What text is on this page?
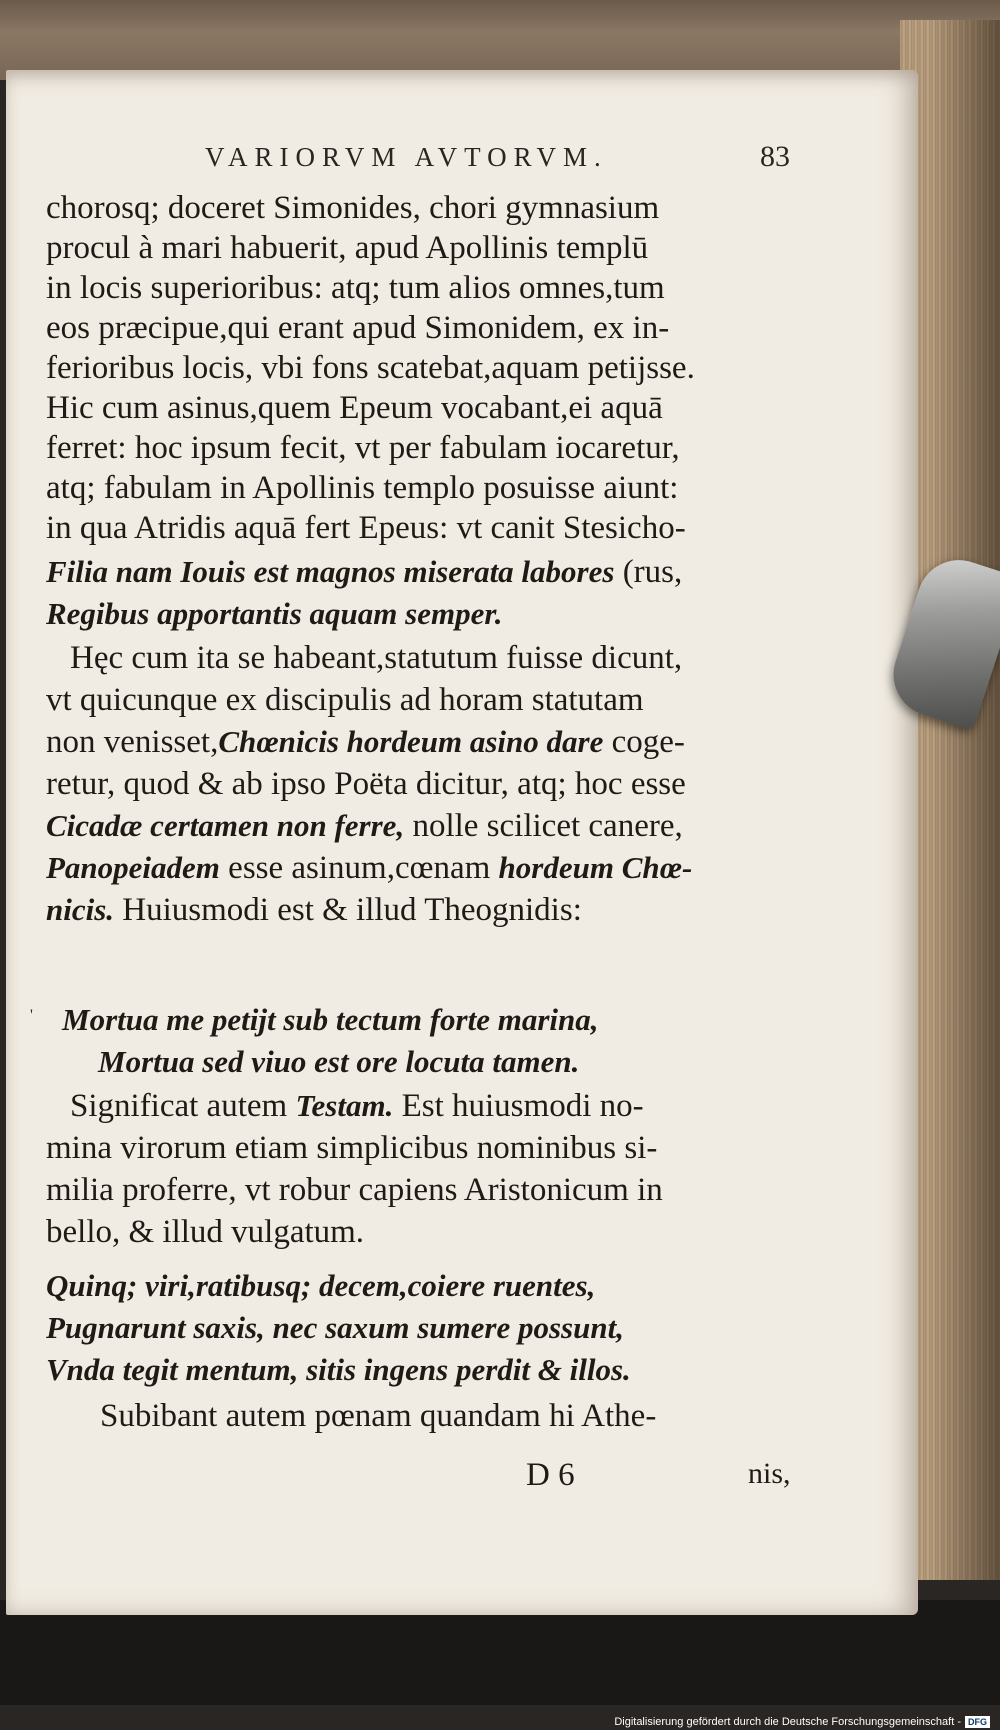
VARIORVM AVTORVM.	83
chorosq; doceret Simonides, chori gymnasium
procul à mari habuerit, apud Apollinis templū
in locis superioribus: atq; tum alios omnes,tum
eos præcipue,qui erant apud Simonidem, ex in-
ferioribus locis, vbi fons scatebat,aquam petijsse.
Hic cum asinus,quem Epeum vocabant,ei aquā
ferret: hoc ipsum fecit, vt per fabulam iocaretur,
atq; fabulam in Apollinis templo posuisse aiunt:
in qua Atridis aquā fert Epeus: vt canit Stesicho-
Filia nam Iouis est magnos miserata labores (rus,
Regibus apportantis aquam semper.
Hęc cum ita se habeant,statutum fuisse dicunt,
vt quicunque ex discipulis ad horam statutam
non venisset,Chœnicis hordeum asino dare coge-
retur, quod & ab ipso Poëta dicitur, atq; hoc esse
Cicadæ certamen non ferre, nolle scilicet canere,
Panopeiadem esse asinum,cœnam hordeum Chœ-
nicis. Huiusmodi est & illud Theognidis:
' Mortua me petijt sub tectum forte marina,
Mortua sed viuo est ore locuta tamen.
Significat autem Testam. Est huiusmodi no-
mina virorum etiam simplicibus nominibus si-
milia proferre, vt robur capiens Aristonicum in
bello, & illud vulgatum.
Quinq; viri,ratibusq; decem,coiere ruentes,
Pugnarunt saxis, nec saxum sumere possunt,
Vnda tegit mentum, sitis ingens perdit & illos.
Subibant autem pœnam quandam hi Athe-
D 6	nis,
Digitalisierung gefördert durch die Deutsche Forschungsgemeinschaft - DFG
